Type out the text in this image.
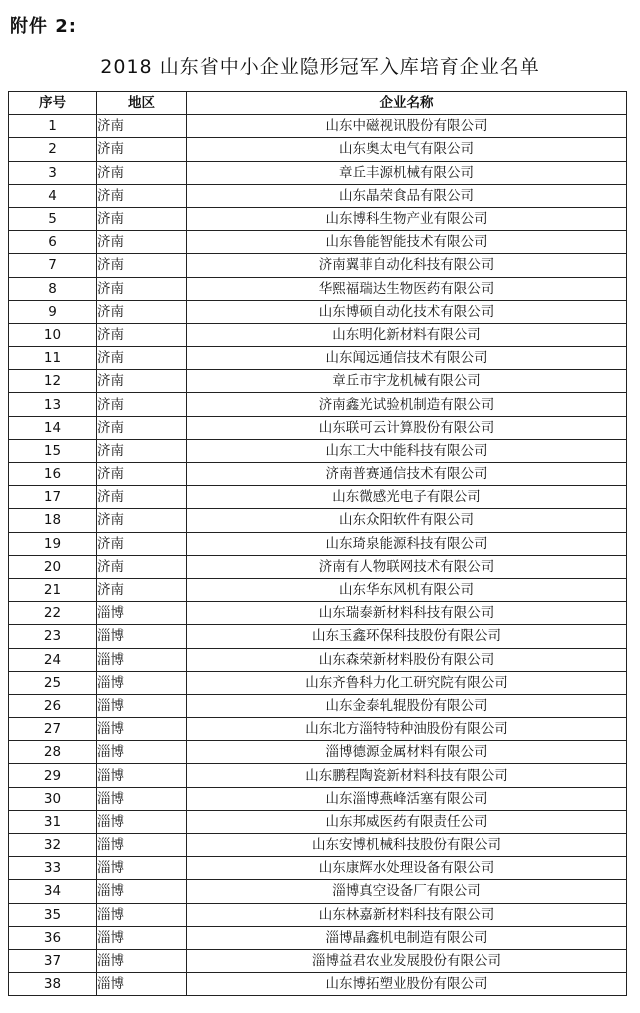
附件 2:
2018 山东省中小企业隐形冠军入库培育企业名单
序号	地区	企业名称
1	济南	山东中磁视讯股份有限公司
2	济南	山东奥太电气有限公司
3	济南	章丘丰源机械有限公司
4	济南	山东晶荣食品有限公司
5	济南	山东博科生物产业有限公司
6	济南	山东鲁能智能技术有限公司
7	济南	济南翼菲自动化科技有限公司
8	济南	华熙福瑞达生物医药有限公司
9	济南	山东博硕自动化技术有限公司
10	济南	山东明化新材料有限公司
11	济南	山东闻远通信技术有限公司
12	济南	章丘市宇龙机械有限公司
13	济南	济南鑫光试验机制造有限公司
14	济南	山东联可云计算股份有限公司
15	济南	山东工大中能科技有限公司
16	济南	济南普赛通信技术有限公司
17	济南	山东微感光电子有限公司
18	济南	山东众阳软件有限公司
19	济南	山东琦泉能源科技有限公司
20	济南	济南有人物联网技术有限公司
21	济南	山东华东风机有限公司
22	淄博	山东瑞泰新材料科技有限公司
23	淄博	山东玉鑫环保科技股份有限公司
24	淄博	山东森荣新材料股份有限公司
25	淄博	山东齐鲁科力化工研究院有限公司
26	淄博	山东金泰轧辊股份有限公司
27	淄博	山东北方淄特特种油股份有限公司
28	淄博	淄博德源金属材料有限公司
29	淄博	山东鹏程陶瓷新材料科技有限公司
30	淄博	山东淄博燕峰活塞有限公司
31	淄博	山东邦威医药有限责任公司
32	淄博	山东安博机械科技股份有限公司
33	淄博	山东康辉水处理设备有限公司
34	淄博	淄博真空设备厂有限公司
35	淄博	山东林嘉新材料科技有限公司
36	淄博	淄博晶鑫机电制造有限公司
37	淄博	淄博益君农业发展股份有限公司
38	淄博	山东博拓塑业股份有限公司
